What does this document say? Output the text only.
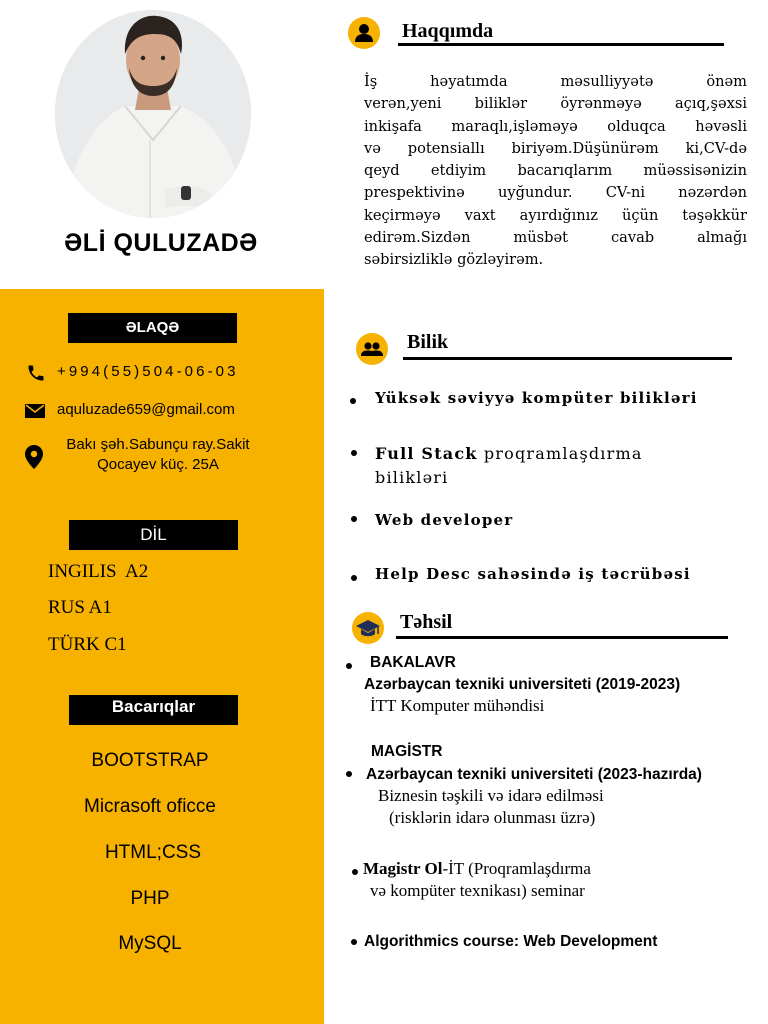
ƏLİ QULUZADƏ
ƏLAQƏ
+994(55)504-06-03
aquluzade659@gmail.com
Bakı şəh.Sabunçu ray.Sakit
Qocayev küç. 25A
DİL
INGILIS  A2
RUS A1
TÜRK C1
Bacarıqlar
BOOTSTRAP
Micrasoft oficce
HTML;CSS
PHP
MySQL
Haqqımda
İş həyatımda məsulliyyətə önəm
verən,yeni biliklər öyrənməyə açıq,şəxsi
inkişafa maraqlı,işləməyə olduqca həvəsli
və potensiallı biriyəm.Düşünürəm ki,CV-də
qeyd etdiyim bacarıqlarım müəssisənizin
prespektivinə uyğundur. CV-ni nəzərdən
keçirməyə vaxt ayırdığınız üçün təşəkkür
edirəm.Sizdən müsbət cavab almağı
səbirsizliklə gözləyirəm.
Bilik
Yüksək səviyyə kompüter bilikləri
Full Stack proqramlaşdırma
bilikləri
Web developer
Help Desc sahəsində iş təcrübəsi
Təhsil
BAKALAVR
Azərbaycan texniki universiteti (2019-2023)
İTT Komputer mühəndisi
MAGİSTR
Azərbaycan texniki universiteti (2023-hazırda)
Biznesin təşkili və idarə edilməsi
(risklərin idarə olunması üzrə)
Magistr Ol-İT (Proqramlaşdırma
və kompüter texnikası) seminar
Algorithmics course: Web Development
